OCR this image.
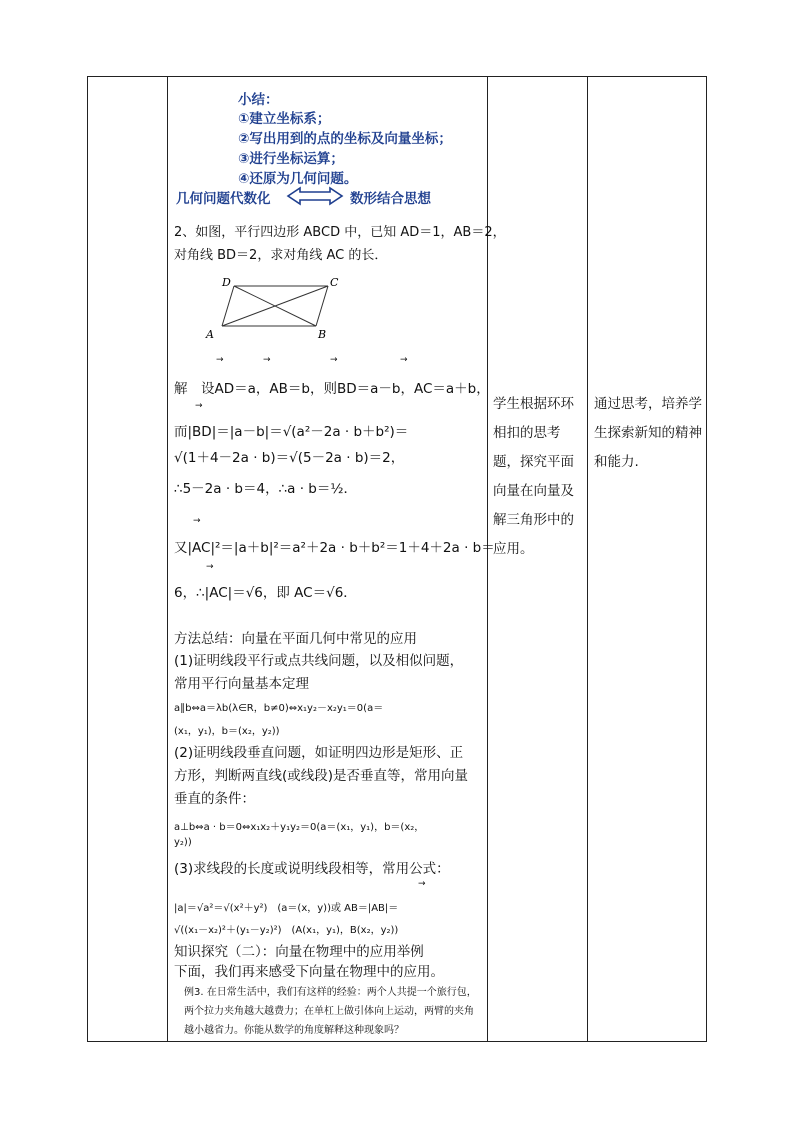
小结：
①建立坐标系；
②写出用到的点的坐标及向量坐标；
③进行坐标运算；
④还原为几何问题。
几何问题代数化	数形结合思想
2、如图，平行四边形 ABCD 中，已知 AD＝1，AB＝2，
对角线 BD＝2，求对角线 AC 的长．
A	B
C
D
→	→	→	→
解　设AD＝a，AB＝b，则BD＝a－b，AC＝a＋b，
→
而|BD|＝|a－b|＝√(a²－2a · b＋b²)＝
√(1＋4－2a · b)＝√(5－2a · b)＝2，
∴5－2a · b＝4，∴a · b＝½．
→
又|AC|²＝|a＋b|²＝a²＋2a · b＋b²＝1＋4＋2a · b＝
→
6，∴|AC|＝√6，即 AC＝√6．
方法总结：向量在平面几何中常见的应用
(1)证明线段平行或点共线问题，以及相似问题，
常用平行向量基本定理
a∥b⇔a＝λb(λ∈R，b≠0)⇔x₁y₂－x₂y₁＝0(a＝
(x₁，y₁)，b＝(x₂，y₂))
(2)证明线段垂直问题，如证明四边形是矩形、正
方形，判断两直线(或线段)是否垂直等，常用向量
垂直的条件：
a⊥b⇔a · b＝0⇔x₁x₂＋y₁y₂＝0(a＝(x₁，y₁)，b＝(x₂，
y₂))
(3)求线段的长度或说明线段相等，常用公式：
→
|a|＝√a²＝√(x²＋y²)　(a＝(x，y))或 AB＝|AB|＝
√((x₁－x₂)²＋(y₁－y₂)²)　(A(x₁，y₁)，B(x₂，y₂))
知识探究（二）：向量在物理中的应用举例
下面，我们再来感受下向量在物理中的应用。
例3. 在日常生活中，我们有这样的经验：两个人共提一个旅行包，两个拉力夹角越大越费力；在单杠上做引体向上运动，两臂的夹角越小越省力。你能从数学的角度解释这种现象吗？
学生根据环环相扣的思考题，探究平面向量在向量及解三角形中的应用。
通过思考，培养学生探索新知的精神和能力.
